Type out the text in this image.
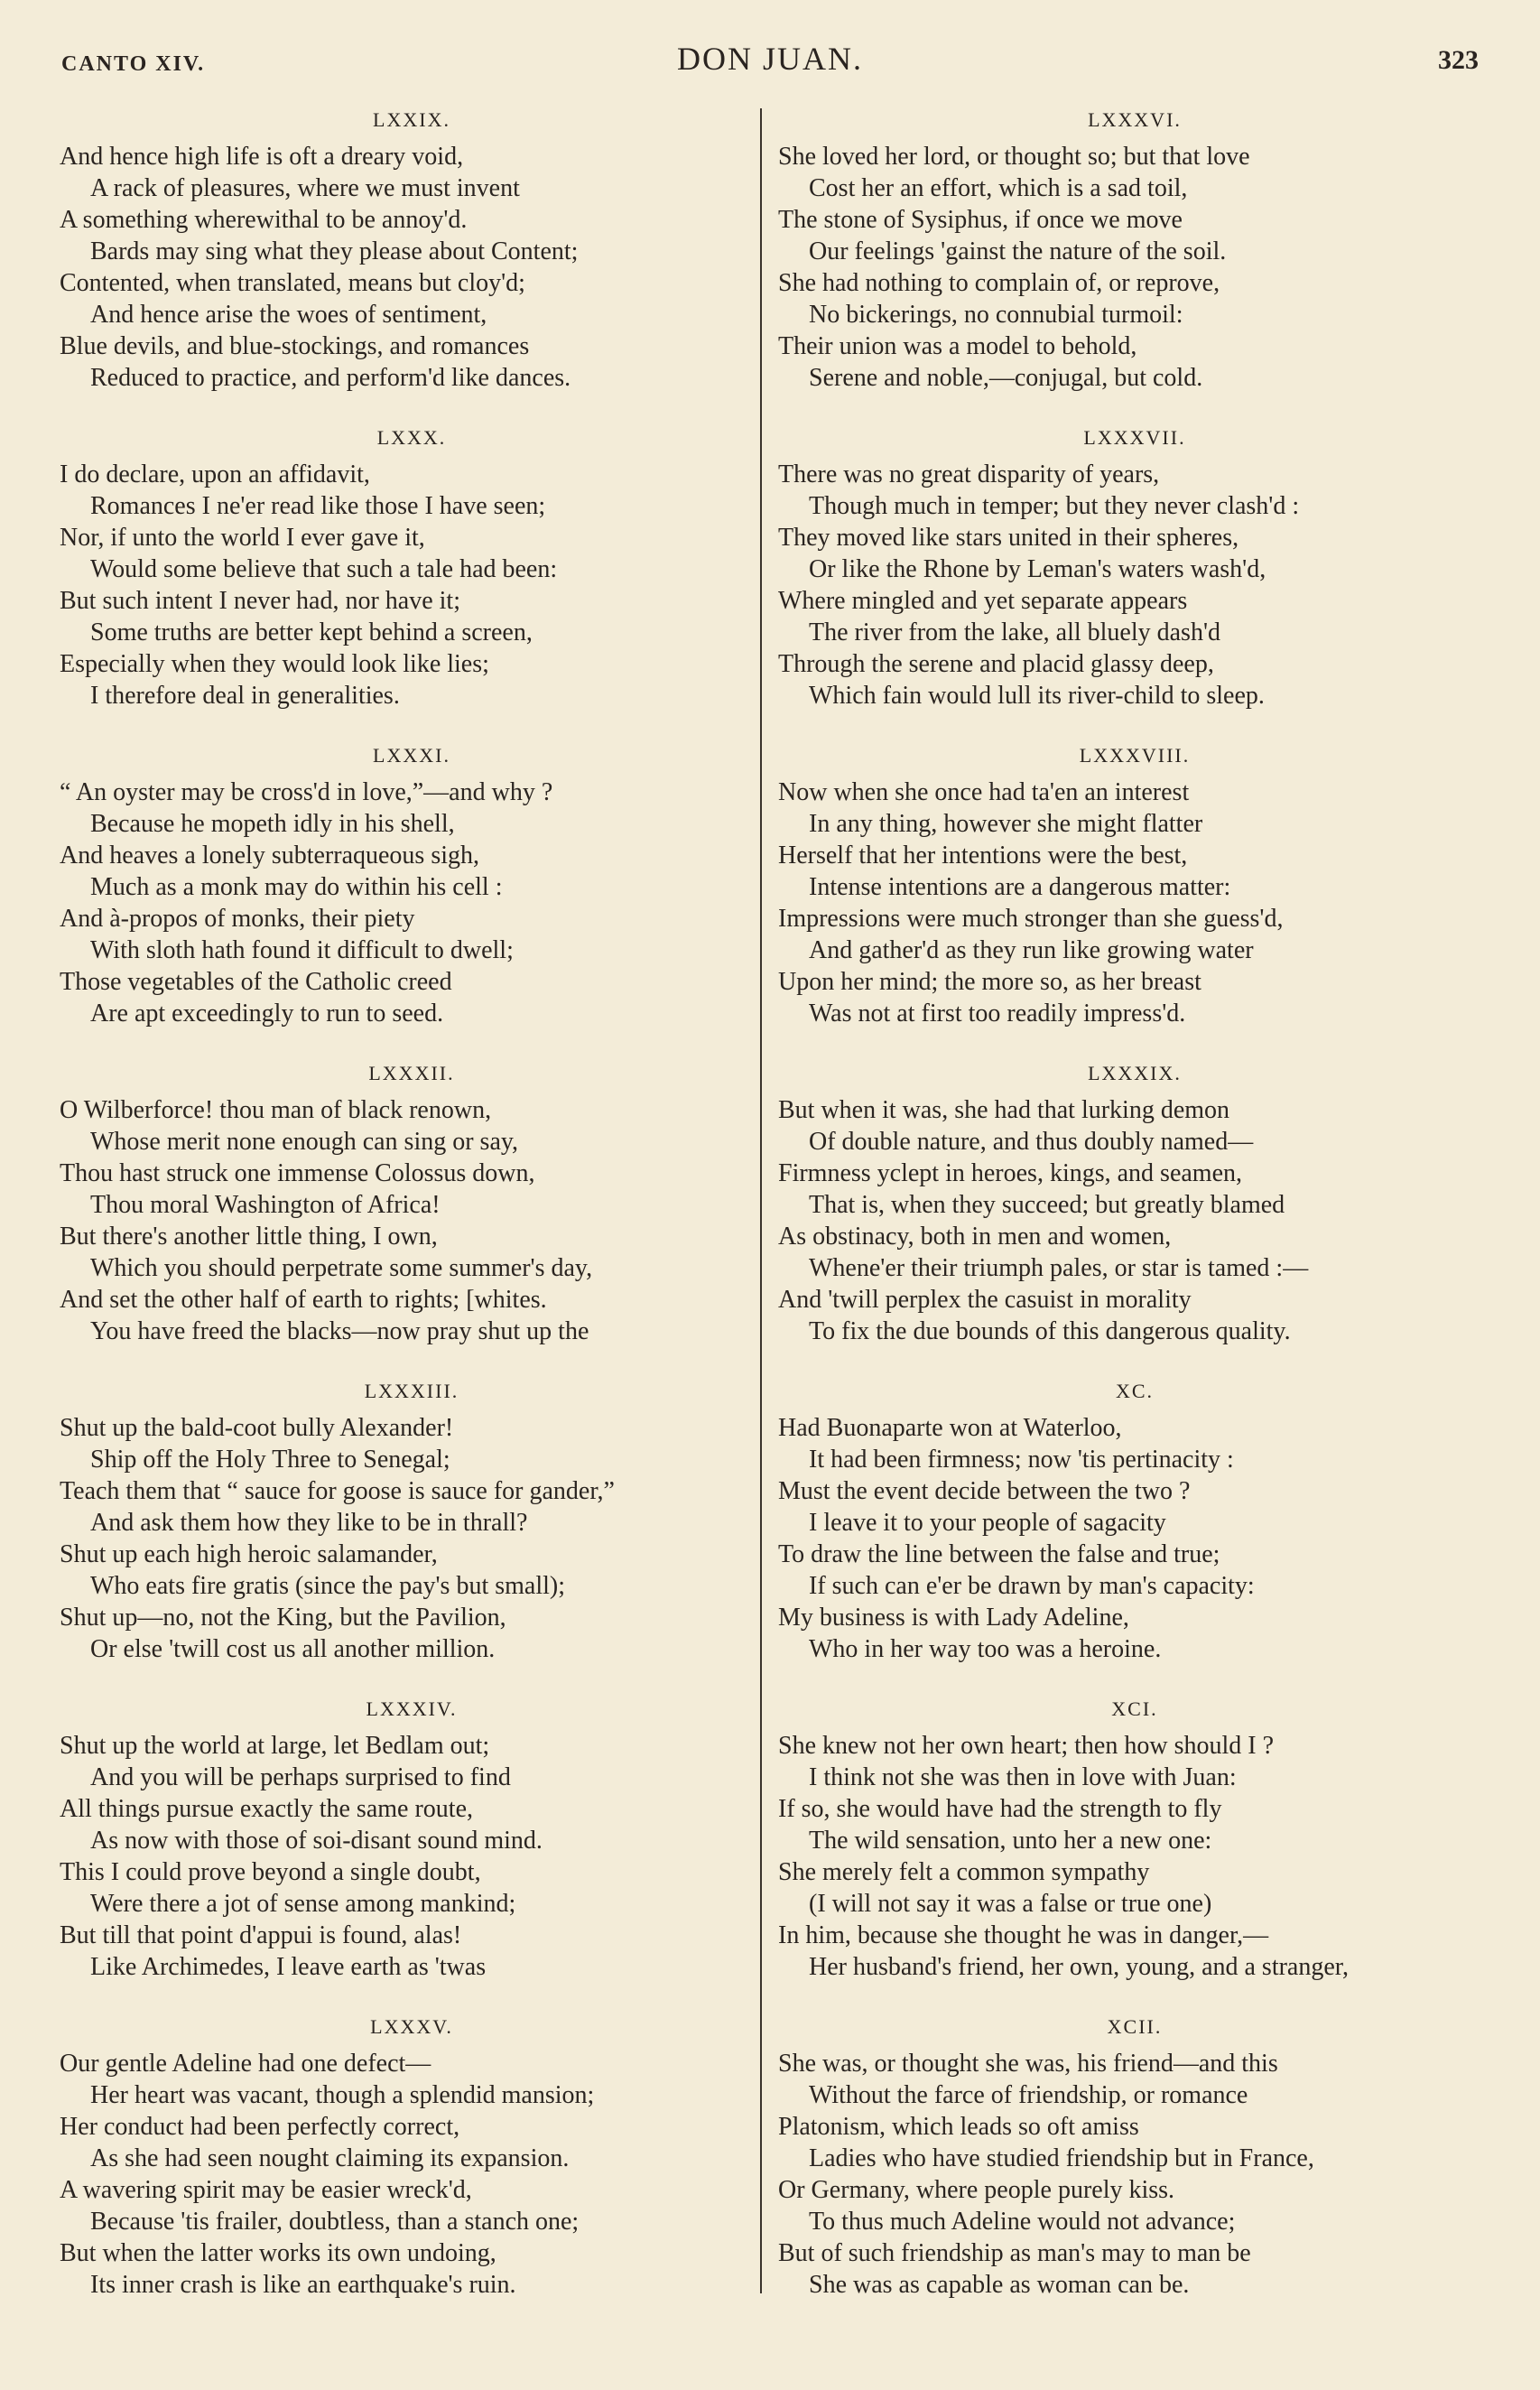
CANTO XIV.	DON JUAN.	323
LXXIX.
And hence high life is oft a dreary void,
A rack of pleasures, where we must invent
A something wherewithal to be annoy'd.
Bards may sing what they please about Content;
Contented, when translated, means but cloy'd;
And hence arise the woes of sentiment,
Blue devils, and blue-stockings, and romances
Reduced to practice, and perform'd like dances.
LXXX.
I do declare, upon an affidavit,
Romances I ne'er read like those I have seen;
Nor, if unto the world I ever gave it,
Would some believe that such a tale had been:
But such intent I never had, nor have it;
Some truths are better kept behind a screen,
Especially when they would look like lies;
I therefore deal in generalities.
LXXXI.
“ An oyster may be cross'd in love,”—and why ?
Because he mopeth idly in his shell,
And heaves a lonely subterraqueous sigh,
Much as a monk may do within his cell :
And à-propos of monks, their piety
With sloth hath found it difficult to dwell;
Those vegetables of the Catholic creed
Are apt exceedingly to run to seed.
LXXXII.
O Wilberforce! thou man of black renown,
Whose merit none enough can sing or say,
Thou hast struck one immense Colossus down,
Thou moral Washington of Africa!
But there's another little thing, I own,
Which you should perpetrate some summer's day,
And set the other half of earth to rights; [whites.
You have freed the blacks—now pray shut up the
LXXXIII.
Shut up the bald-coot bully Alexander!
Ship off the Holy Three to Senegal;
Teach them that “ sauce for goose is sauce for gander,”
And ask them how they like to be in thrall?
Shut up each high heroic salamander,
Who eats fire gratis (since the pay's but small);
Shut up—no, not the King, but the Pavilion,
Or else 'twill cost us all another million.
LXXXIV.
Shut up the world at large, let Bedlam out;
And you will be perhaps surprised to find
All things pursue exactly the same route,
As now with those of soi-disant sound mind.
This I could prove beyond a single doubt,
Were there a jot of sense among mankind;
But till that point d'appui is found, alas!
Like Archimedes, I leave earth as 'twas
LXXXV.
Our gentle Adeline had one defect—
Her heart was vacant, though a splendid mansion;
Her conduct had been perfectly correct,
As she had seen nought claiming its expansion.
A wavering spirit may be easier wreck'd,
Because 'tis frailer, doubtless, than a stanch one;
But when the latter works its own undoing,
Its inner crash is like an earthquake's ruin.
LXXXVI.
She loved her lord, or thought so; but that love
Cost her an effort, which is a sad toil,
The stone of Sysiphus, if once we move
Our feelings 'gainst the nature of the soil.
She had nothing to complain of, or reprove,
No bickerings, no connubial turmoil:
Their union was a model to behold,
Serene and noble,—conjugal, but cold.
LXXXVII.
There was no great disparity of years,
Though much in temper; but they never clash'd :
They moved like stars united in their spheres,
Or like the Rhone by Leman's waters wash'd,
Where mingled and yet separate appears
The river from the lake, all bluely dash'd
Through the serene and placid glassy deep,
Which fain would lull its river-child to sleep.
LXXXVIII.
Now when she once had ta'en an interest
In any thing, however she might flatter
Herself that her intentions were the best,
Intense intentions are a dangerous matter:
Impressions were much stronger than she guess'd,
And gather'd as they run like growing water
Upon her mind; the more so, as her breast
Was not at first too readily impress'd.
LXXXIX.
But when it was, she had that lurking demon
Of double nature, and thus doubly named—
Firmness yclept in heroes, kings, and seamen,
That is, when they succeed; but greatly blamed
As obstinacy, both in men and women,
Whene'er their triumph pales, or star is tamed :—
And 'twill perplex the casuist in morality
To fix the due bounds of this dangerous quality.
XC.
Had Buonaparte won at Waterloo,
It had been firmness; now 'tis pertinacity :
Must the event decide between the two ?
I leave it to your people of sagacity
To draw the line between the false and true;
If such can e'er be drawn by man's capacity:
My business is with Lady Adeline,
Who in her way too was a heroine.
XCI.
She knew not her own heart; then how should I ?
I think not she was then in love with Juan:
If so, she would have had the strength to fly
The wild sensation, unto her a new one:
She merely felt a common sympathy
(I will not say it was a false or true one)
In him, because she thought he was in danger,—
Her husband's friend, her own, young, and a stranger,
XCII.
She was, or thought she was, his friend—and this
Without the farce of friendship, or romance
Platonism, which leads so oft amiss
Ladies who have studied friendship but in France,
Or Germany, where people purely kiss.
To thus much Adeline would not advance;
But of such friendship as man's may to man be
She was as capable as woman can be.
